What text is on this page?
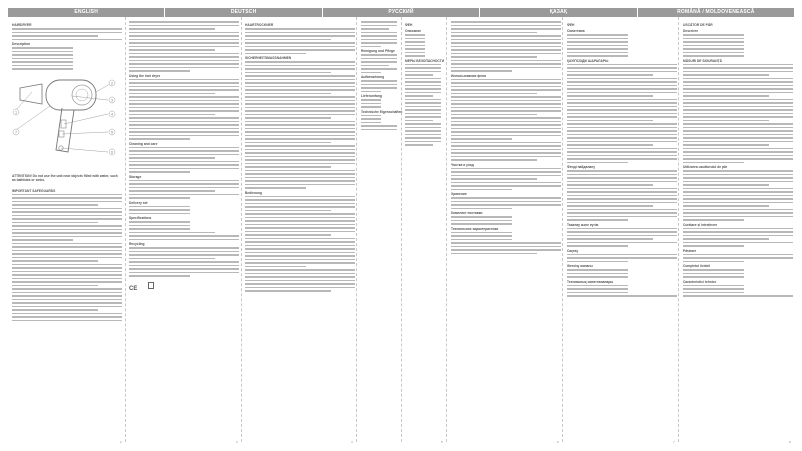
ENGLISH	DEUTSCH	РУССКИЙ	ҚАЗАҚ	ROMÂNĂ / MOLDOVENEASCĂ
HAIRDRYER
Description
1
2
3
4
5
6
7
ATTENTION! Do not use the unit near objects filled with water, such as bathtubs or sinks.
IMPORTANT SAFEGUARDS
Using the hair dryer
Cleaning and care
Storage
Delivery set
Specifications
Recycling
CE
HAARTROCKNER
SICHERHEITSMASSNAHMEN
Bedienung
Reinigung und Pflege
Aufbewahrung
Lieferumfang
Technische Eigenschaften
ФЕН
Описание
МЕРЫ БЕЗОПАСНОСТИ
Использование фена
Чистка и уход
Хранение
Комплект поставки
Технические характеристики
ФЕН
Сипаттама
ҚАУІПСІЗДІК ШАРАЛАРЫ
Фенді пайдалану
Тазалау және күтім
Сақтау
Жеткізу жинағы
Техникалық сипаттамалары
USCĂTOR DE PĂR
Descriere
MĂSURI DE SIGURANȚĂ
Utilizarea uscătorului de păr
Curățare și întreținere
Păstrare
Completul livrării
Caracteristici tehnice
2	3	4	5	6	7	8
